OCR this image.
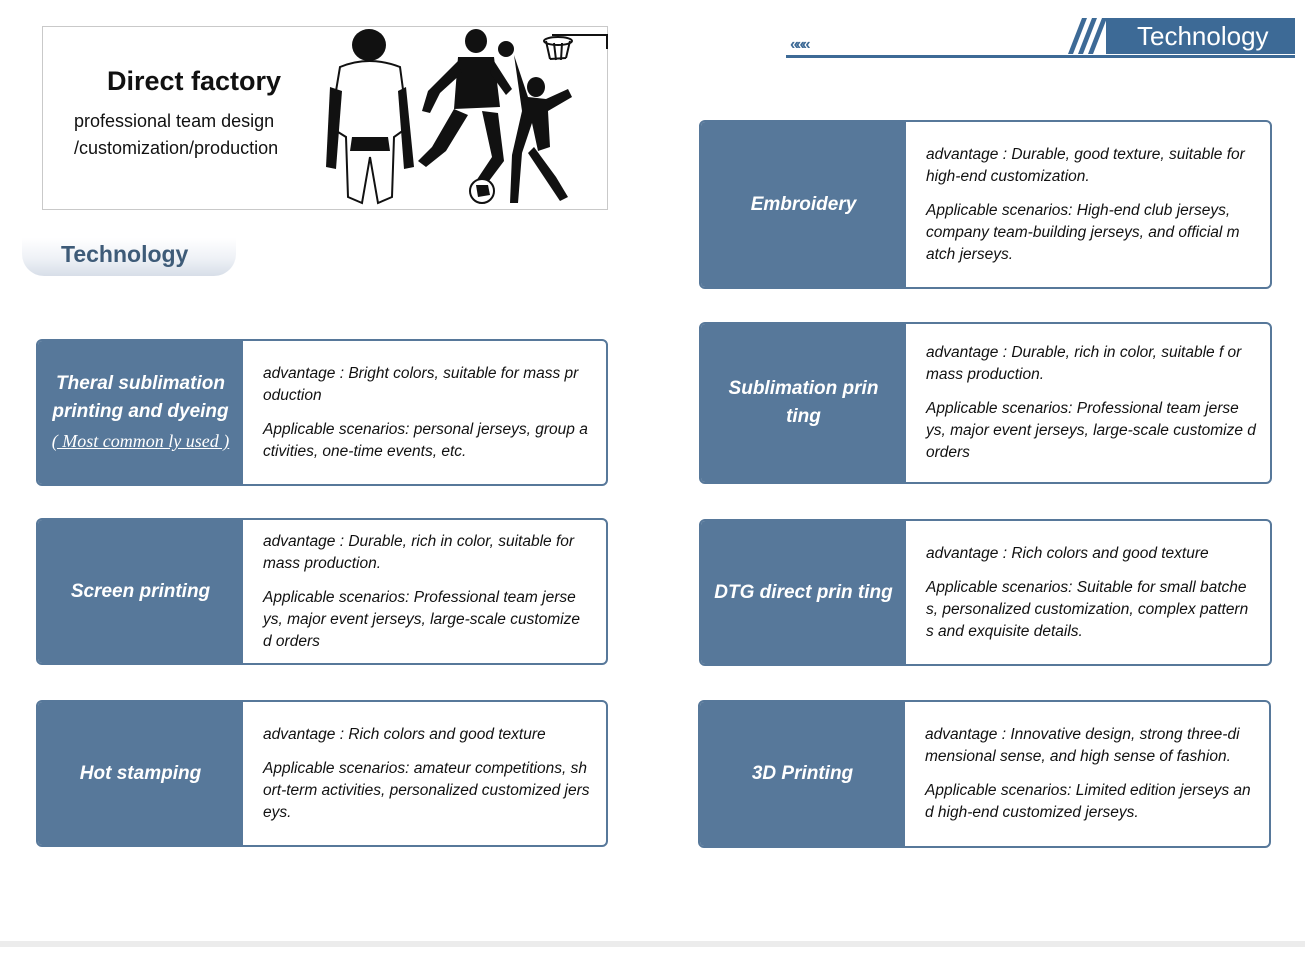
Direct factory
professional team design
/customization/production
Technology
«««	Technology
Theral sublimation printing and dyeing
( Most common ly used )

advantage : Bright colors, suitable for mass pr oduction

Applicable scenarios: personal jerseys, group a ctivities, one-time events, etc.

Screen printing

advantage : Durable, rich in color, suitable for mass production.

Applicable scenarios: Professional team jerse ys, major event jerseys, large-scale customize d orders

Hot stamping

advantage : Rich colors and good texture

Applicable scenarios: amateur competitions, sh ort-term activities, personalized customized jers eys.

Embroidery

advantage : Durable, good texture, suitable for high-end customization.

Applicable scenarios: High-end club jerseys, company team-building jerseys, and official m atch jerseys.

Sublimation prin ting

advantage : Durable, rich in color, suitable f or mass production.

Applicable scenarios: Professional team jerse ys, major event jerseys, large-scale customize d orders

DTG direct prin ting

advantage : Rich colors and good texture

Applicable scenarios: Suitable for small batche s, personalized customization, complex pattern s and exquisite details.

3D Printing

advantage : Innovative design, strong three-di mensional sense, and high sense of fashion.

Applicable scenarios: Limited edition jerseys an d high-end customized jerseys.
